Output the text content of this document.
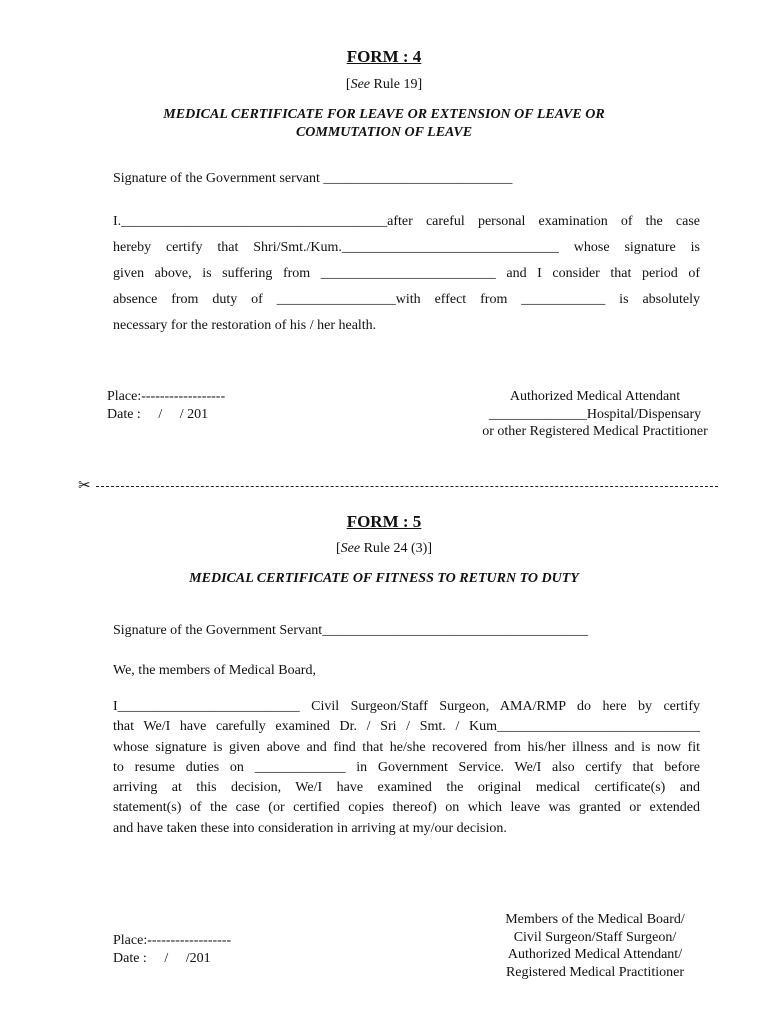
FORM : 4
[See Rule 19]
MEDICAL CERTIFICATE FOR LEAVE OR EXTENSION OF LEAVE OR
COMMUTATION OF LEAVE
Signature of the Government servant ___________________________
I.______________________________________after careful personal examination of the case
hereby certify that Shri/Smt./Kum._______________________________ whose signature is
given above, is suffering from _________________________ and I consider that period of
absence from duty of _________________with effect from ____________ is absolutely
necessary for the restoration of his / her health.
Place:------------------
Date :     /     / 201
Authorized Medical Attendant
______________Hospital/Dispensary
or other Registered Medical Practitioner
✂
FORM : 5
[See Rule 24 (3)]
MEDICAL CERTIFICATE OF FITNESS TO RETURN TO DUTY
Signature of the Government Servant______________________________________
We, the members of Medical Board,
I__________________________ Civil Surgeon/Staff Surgeon, AMA/RMP do here by certify
that We/I have carefully examined Dr. / Sri / Smt. / Kum_____________________________
whose signature is given above and find that he/she recovered from his/her illness and is now fit
to resume duties on _____________ in Government Service. We/I also certify that before
arriving at this decision, We/I have examined the original medical certificate(s) and
statement(s) of the case (or certified copies thereof) on which leave was granted or extended
and have taken these into consideration in arriving at my/our decision.
Members of the Medical Board/
Civil Surgeon/Staff Surgeon/
Authorized Medical Attendant/
Registered Medical Practitioner
Place:------------------
Date :     /     /201
